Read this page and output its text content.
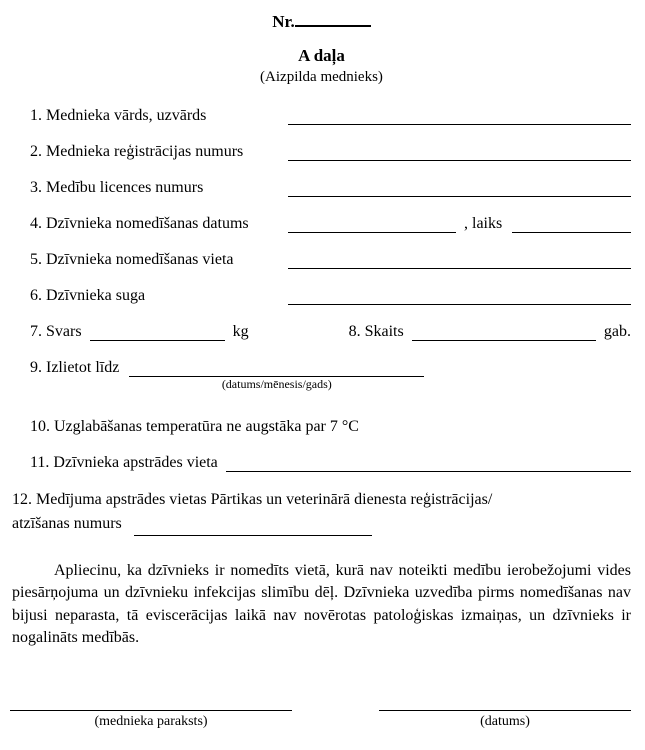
Nr.
A daļa
(Aizpilda mednieks)
1. Mednieka vārds, uzvārds
2. Mednieka reģistrācijas numurs
3. Medību licences numurs
4. Dzīvnieka nomedīšanas datums	, laiks
5. Dzīvnieka nomedīšanas vieta
6. Dzīvnieka suga
7. Svars	kg	8. Skaits	gab.
9. Izlietot līdz
(datums/mēnesis/gads)
10. Uzglabāšanas temperatūra ne augstāka par 7 °C
11. Dzīvnieka apstrādes vieta
12. Medījuma apstrādes vietas Pārtikas un veterinārā dienesta reģistrācijas/
atzīšanas numurs

Apliecinu, ka dzīvnieks ir nomedīts vietā, kurā nav noteikti medību ierobežojumi vides piesārņojuma un dzīvnieku infekcijas slimību dēļ. Dzīvnieka uzvedība pirms nomedīšanas nav bijusi neparasta, tā eviscerācijas laikā nav novērotas patoloģiskas izmaiņas, un dzīvnieks ir nogalināts medībās.

(mednieka paraksts)	(datums)
